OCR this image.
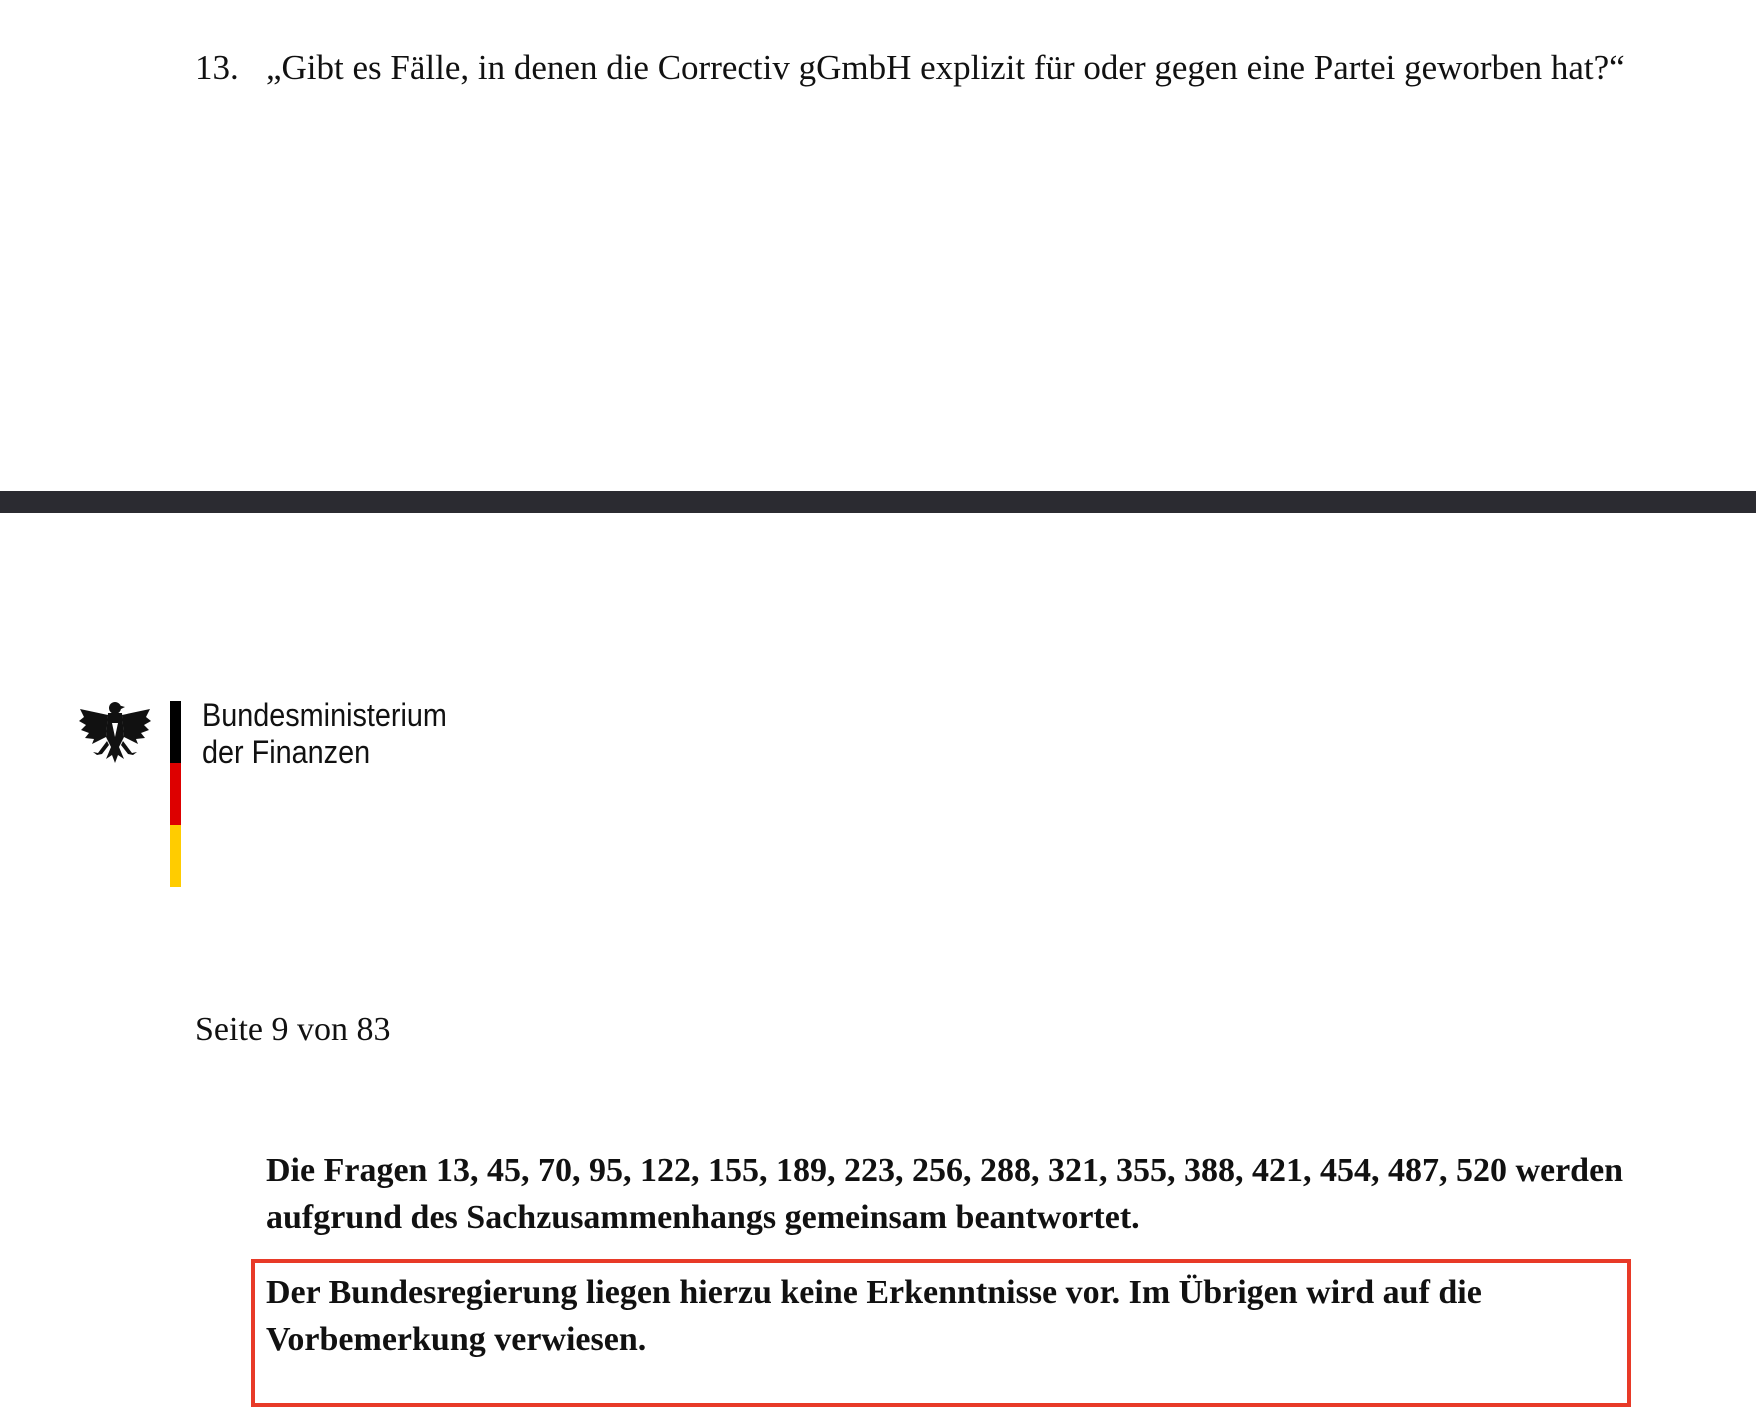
13. „Gibt es Fälle, in denen die Correctiv gGmbH explizit für oder gegen eine Partei geworben hat?“
Bundesministerium
der Finanzen
Seite 9 von 83
Die Fragen 13, 45, 70, 95, 122, 155, 189, 223, 256, 288, 321, 355, 388, 421, 454, 487, 520 werden aufgrund des Sachzusammenhangs gemeinsam beantwortet.
Der Bundesregierung liegen hierzu keine Erkenntnisse vor. Im Übrigen wird auf die Vorbemerkung verwiesen.
